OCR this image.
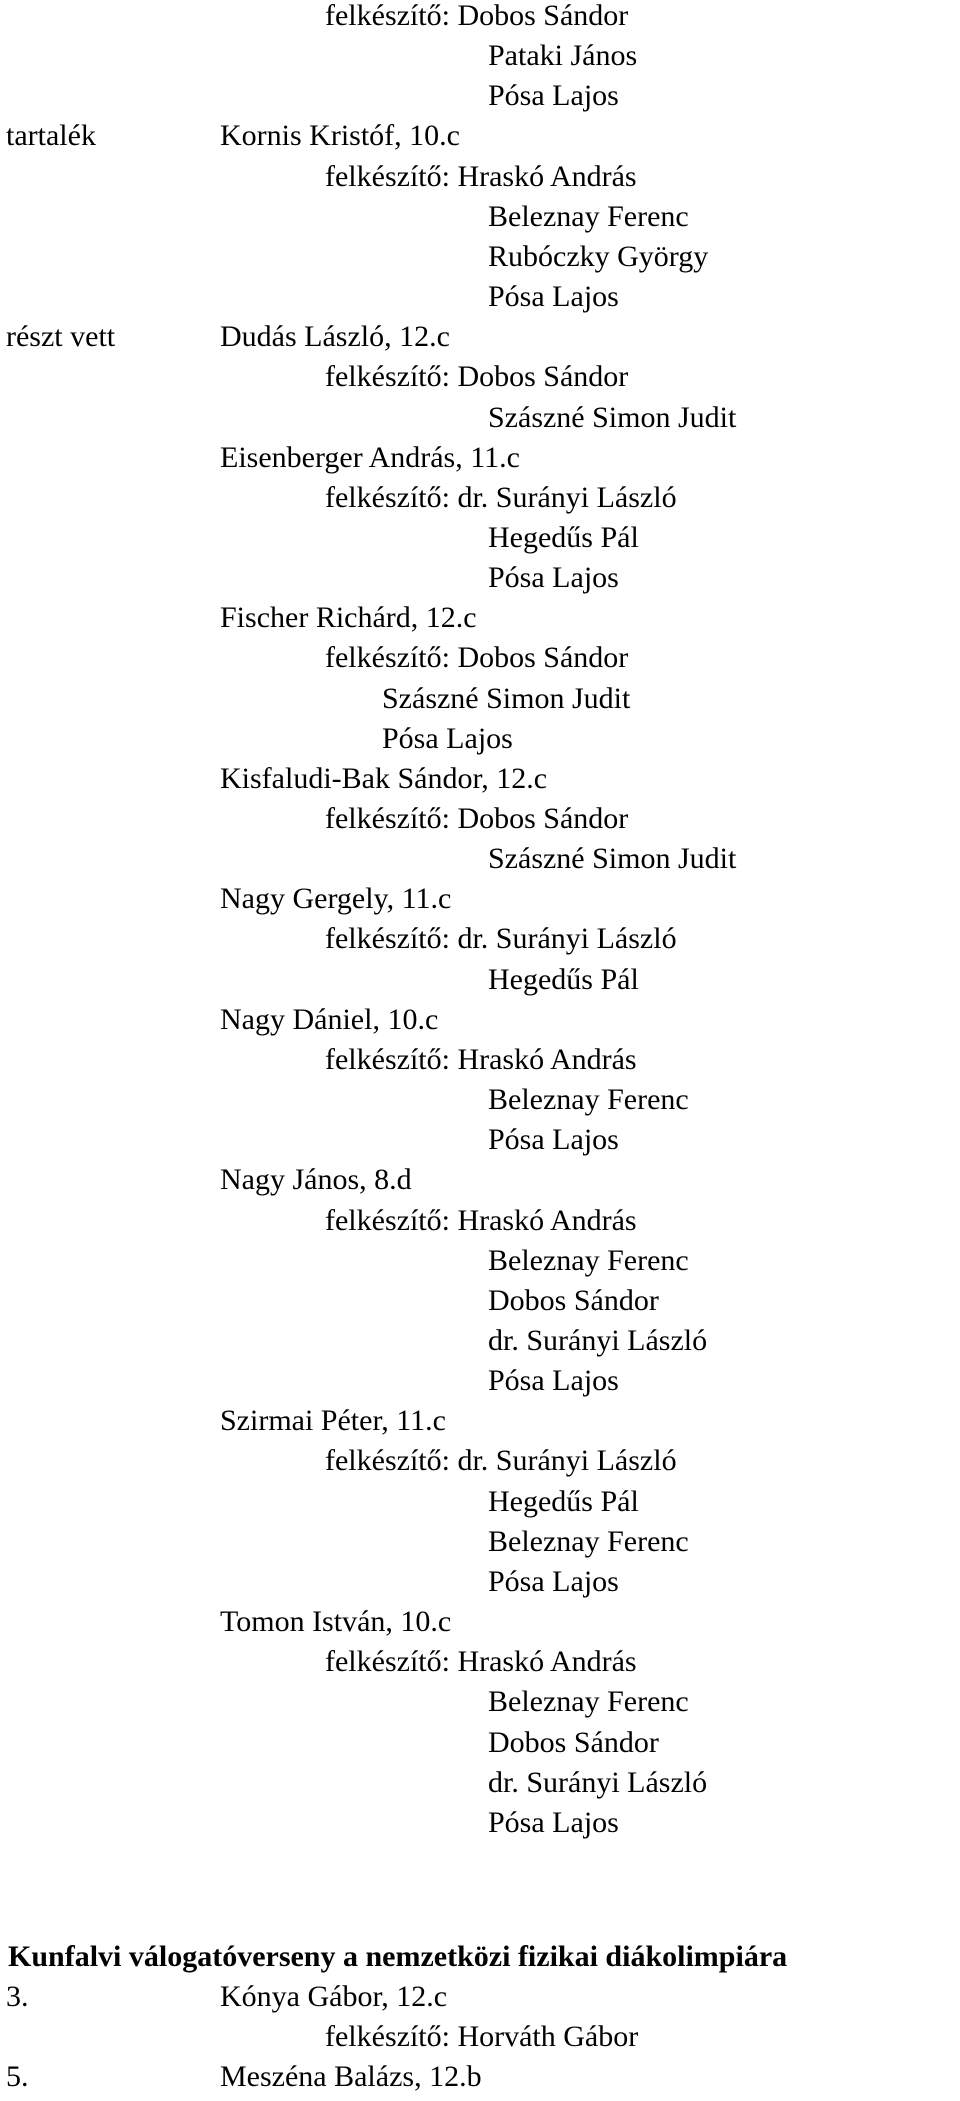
Kunfalvi válogatóverseny a nemzetközi fizikai diákolimpiára
felkészítő: Dobos Sándor
Pataki János
Pósa Lajos
tartalék	Kornis Kristóf, 10.c
felkészítő: Hraskó András
Beleznay Ferenc
Rubóczky György
Pósa Lajos
részt vett	Dudás László, 12.c
felkészítő: Dobos Sándor
Szászné Simon Judit
Eisenberger András, 11.c
felkészítő: dr. Surányi László
Hegedűs Pál
Pósa Lajos
Fischer Richárd, 12.c
felkészítő: Dobos Sándor
Szászné Simon Judit
Pósa Lajos
Kisfaludi-Bak Sándor, 12.c
felkészítő: Dobos Sándor
Szászné Simon Judit
Nagy Gergely, 11.c
felkészítő: dr. Surányi László
Hegedűs Pál
Nagy Dániel, 10.c
felkészítő: Hraskó András
Beleznay Ferenc
Pósa Lajos
Nagy János, 8.d
felkészítő: Hraskó András
Beleznay Ferenc
Dobos Sándor
dr. Surányi László
Pósa Lajos
Szirmai Péter, 11.c
felkészítő: dr. Surányi László
Hegedűs Pál
Beleznay Ferenc
Pósa Lajos
Tomon István, 10.c
felkészítő: Hraskó András
Beleznay Ferenc
Dobos Sándor
dr. Surányi László
Pósa Lajos
3.	Kónya Gábor, 12.c
felkészítő: Horváth Gábor
5.	Meszéna Balázs, 12.b
